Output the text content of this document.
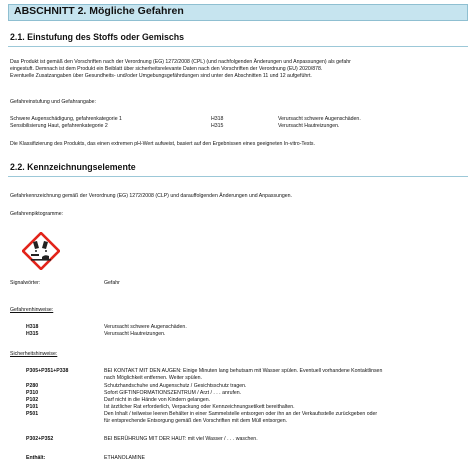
ABSCHNITT 2. Mögliche Gefahren
2.1. Einstufung des Stoffs oder Gemischs
Das Produkt ist gemäß den Vorschriften nach der Verordnung (EG) 1272/2008 (CPL) (und nachfolgenden Änderungen und Anpassungen) als gefahr
eingestuft. Demnach ist dem Produkt ein Beiblatt über sicherheitsrelevante Daten nach den Vorschriften der Verordnung (EU) 2020/878.
Eventuelle Zusatzangaben über Gesundheits- und/oder Umgebungsgefährdungen sind unter den Abschnitten 11 und 12 aufgeführt.
Gefahreinstufung und Gefahrangabe:
Schwere Augenschädigung, gefahrenkategorie 1	H318	Verursacht schwere Augenschäden.
Sensibilisierung Haut, gefahrenkategorie 2	H315	Verursacht Hautreizungen.
Die Klassifizierung des Produkts, das einen extremen pH-Wert aufweist, basiert auf den Ergebnissen eines geeigneten In-vitro-Tests.
2.2. Kennzeichnungselemente
Gefahrkennzeichnung gemäß der Verordnung (EG) 1272/2008 (CLP) und darauffolgenden Änderungen und Anpassungen.
Gefahrenpiktogramme:
Signalwörter:	Gefahr
Gefahrenhinweise:
H318	Verursacht schwere Augenschäden.
H315	Verursacht Hautreizungen.
Sicherheitshinweise:
P305+P351+P338	BEI KONTAKT MIT DEN AUGEN: Einige Minuten lang behutsam mit Wasser spülen. Eventuell vorhandene Kontaktlinsen
nach Möglichkeit entfernen. Weiter spülen.
P280	Schutzhandschuhe und Augenschutz / Gesichtsschutz tragen.
P310	Sofort GIFTINFORMATIONSZENTRUM / Arzt / . . . anrufen.
P102	Darf nicht in die Hände von Kindern gelangen.
P101	Ist ärztlicher Rat erforderlich, Verpackung oder Kennzeichnungsetikett bereithalten.
P501	Den Inhalt / teilweise leeren Behälter in einer Sammelstelle entsorgen oder ihn an der Verkaufsstelle zurückgeben oder
für entsprechende Entsorgung gemäß den Vorschriften mit dem Müll entsorgen.
P302+P352	BEI BERÜHRUNG MIT DER HAUT: mit viel Wasser / . . . waschen.
Enthält:	ETHANOLAMINE
